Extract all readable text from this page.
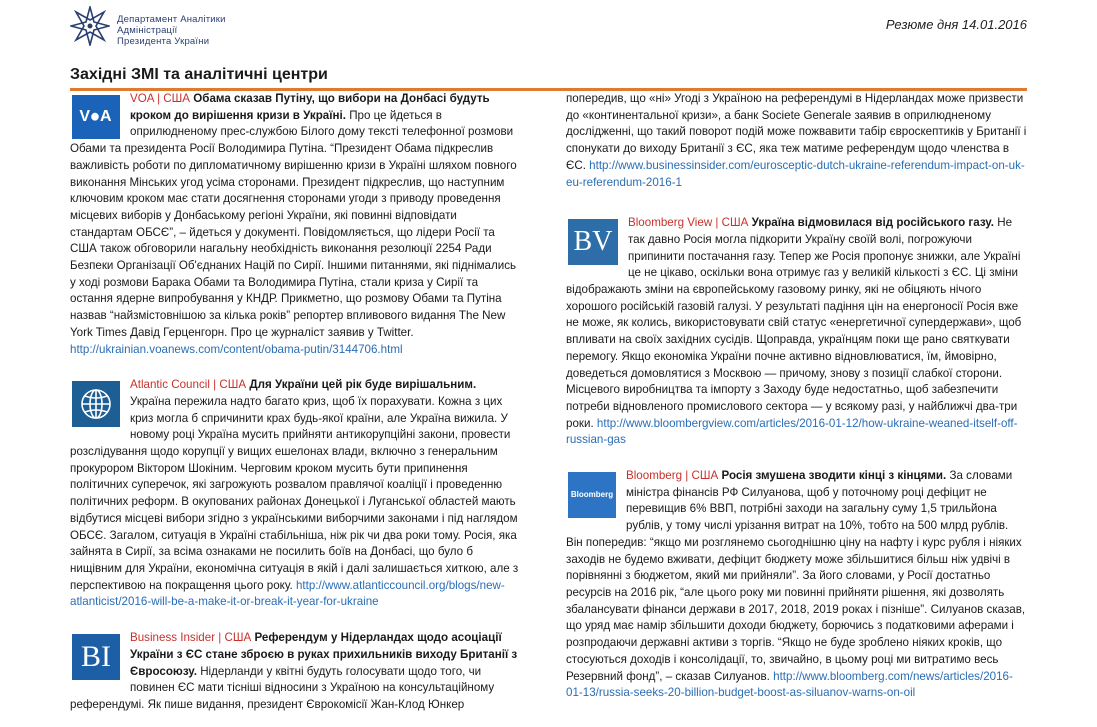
Департамент Аналітики
Адміністрації
Президента України
Резюме дня 14.01.2016
Західні ЗМІ та аналітичні центри
V⦁A

VOA | США Обама сказав Путіну, що вибори на Донбасі будуть кроком до вирішення кризи в Україні. Про це йдеться в оприлюдненому прес-службою Білого дому тексті телефонної розмови Обами та президента Росії Володимира Путіна. “Президент Обама підкреслив важливість роботи по дипломатичному вирішенню кризи в Україні шляхом повного виконання Мінських угод усіма сторонами. Президент підкреслив, що наступним ключовим кроком має стати досягнення сторонами угоди з приводу проведення місцевих виборів у Донбаському регіоні України, які повинні відповідати стандартам ОБСЄ”, – йдеться у документі. Повідомляється, що лідери Росії та США також обговорили нагальну необхідність виконання резолюції 2254 Ради Безпеки Організації Об'єднаних Націй по Сирії. Іншими питаннями, які піднімались у ході розмови Барака Обами та Володимира Путіна, стали криза у Сирії та остання ядерне випробування у КНДР. Прикметно, що розмову Обами та Путіна назвав “найзмістовнішою за кілька років” репортер впливового видання The New York Times Давід Герценгорн. Про це журналіст заявив у Twitter. http://ukrainian.voanews.com/content/obama-putin/3144706.html

Atlantic Council | США Для України цей рік буде вирішальним. Україна пережила надто багато криз, щоб їх порахувати. Кожна з цих криз могла б спричинити крах будь-якої країни, але Україна вижила. У новому році Україна мусить прийняти антикорупційні закони, провести розслідування щодо корупції у вищих ешелонах влади, включно з генеральним прокурором Віктором Шокіним. Черговим кроком мусить бути припинення політичних суперечок, які загрожують розвалом правлячої коаліції і проведенню політичних реформ. В окупованих районах Донецької і Луганської областей мають відбутися місцеві вибори згідно з українськими виборчими законами і під наглядом ОБСЄ. Загалом, ситуація в Україні стабільніша, ніж рік чи два роки тому. Росія, яка зайнята в Сирії, за всіма ознаками не посилить боїв на Донбасі, що було б нищівним для України, економічна ситуація в якій і далі залишається хиткою, але з перспективою на покращення цього року. http://www.atlanticcouncil.org/blogs/new-atlanticist/2016-will-be-a-make-it-or-break-it-year-for-ukraine

BI

Business Insider | США Референдум у Нідерландах щодо асоціації України з ЄС стане зброєю в руках прихильників виходу Британії з Євросоюзу. Нідерланди у квітні будуть голосувати щодо того, чи повинен ЄС мати тісніші відносини з Україною на консультаційному референдумі. Як пише видання, президент Єврокомісії Жан-Клод Юнкер

попередив, що «ні» Угоді з Україною на референдумі в Нідерландах може призвести до «континентальної кризи», а банк Societe Generale заявив в оприлюдненому дослідженні, що такий поворот подій може пожвавити табір євроскептиків у Британії і спонукати до виходу Британії з ЄС, яка теж матиме референдум щодо членства в ЄС. http://www.businessinsider.com/eurosceptic-dutch-ukraine-referendum-impact-on-uk-eu-referendum-2016-1

BV

Bloomberg View | США Україна відмовилася від російського газу. Не так давно Росія могла підкорити Україну своїй волі, погрожуючи припинити постачання газу. Тепер же Росія пропонує знижки, але Україні це не цікаво, оскільки вона отримує газ у великій кількості з ЄС. Ці зміни відображають зміни на європейському газовому ринку, які не обіцяють нічого хорошого російській газовій галузі. У результаті падіння цін на енергоносії Росія вже не може, як колись, використовувати свій статус «енергетичної супердержави», щоб впливати на своїх західних сусідів. Щоправда, українцям поки ще рано святкувати перемогу. Якщо економіка України почне активно відновлюватися, їм, ймовірно, доведеться домовлятися з Москвою — причому, знову з позиції слабкої сторони. Місцевого виробництва та імпорту з Заходу буде недостатньо, щоб забезпечити потреби відновленого промислового сектора — у всякому разі, у найближчі два-три роки. http://www.bloombergview.com/articles/2016-01-12/how-ukraine-weaned-itself-off-russian-gas

Bloomberg

Bloomberg | США Росія змушена зводити кінці з кінцями. За словами міністра фінансів РФ Силуанова, щоб у поточному році дефіцит не перевищив 6% ВВП, потрібні заходи на загальну суму 1,5 трильйона рублів, у тому числі урізання витрат на 10%, тобто на 500 млрд рублів. Він попередив: “якщо ми розглянемо сьогоднішню ціну на нафту і курс рубля і ніяких заходів не будемо вживати, дефіцит бюджету може збільшитися більш ніж удвічі в порівнянні з бюджетом, який ми прийняли”. За його словами, у Росії достатньо ресурсів на 2016 рік, “але цього року ми повинні прийняти рішення, які дозволять збалансувати фінанси держави в 2017, 2018, 2019 роках і пізніше”. Силуанов сказав, що уряд має намір збільшити доходи бюджету, борючись з податковими аферами і розпродаючи державні активи з торгів. “Якщо не буде зроблено ніяких кроків, що стосуються доходів і консолідації, то, звичайно, в цьому році ми витратимо весь Резервний фонд”, – сказав Силуанов. http://www.bloomberg.com/news/articles/2016-01-13/russia-seeks-20-billion-budget-boost-as-siluanov-warns-on-oil
